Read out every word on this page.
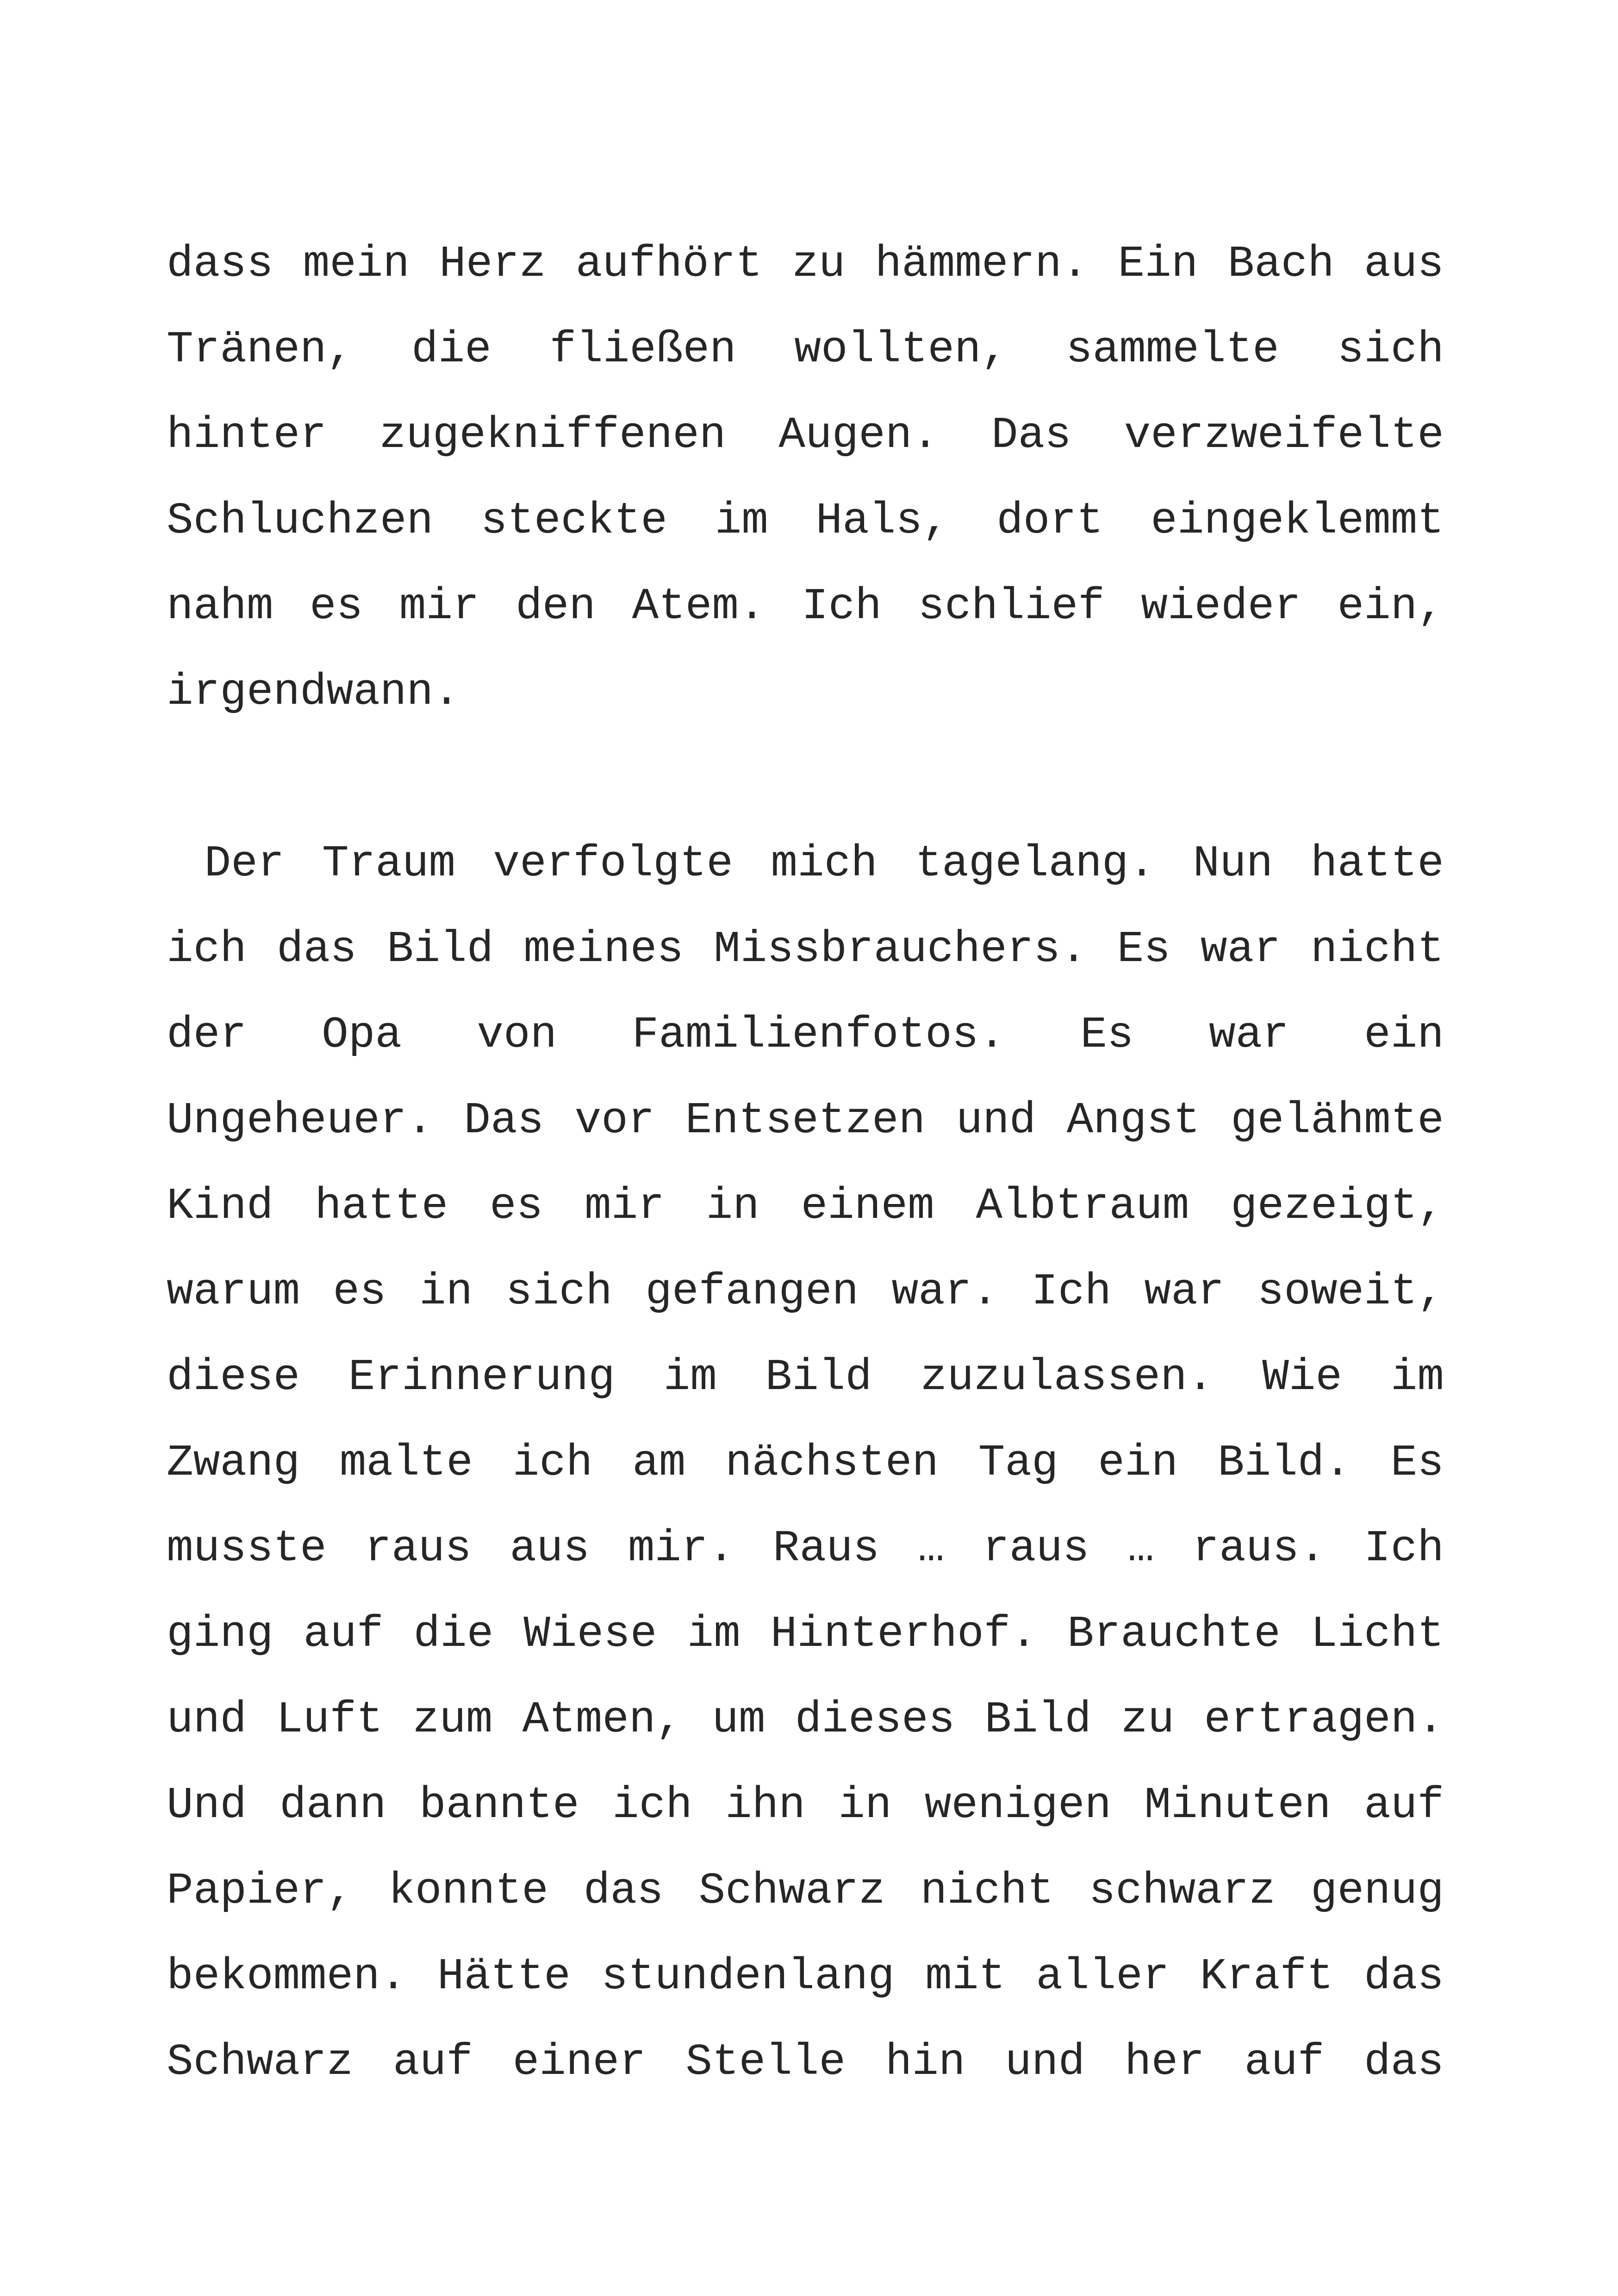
dass mein Herz aufhört zu hämmern. Ein Bach aus
Tränen, die fließen wollten, sammelte sich
hinter zugekniffenen Augen. Das verzweifelte
Schluchzen steckte im Hals, dort eingeklemmt
nahm es mir den Atem. Ich schlief wieder ein,
irgendwann.
Der Traum verfolgte mich tagelang. Nun hatte
ich das Bild meines Missbrauchers. Es war nicht
der Opa von Familienfotos. Es war ein
Ungeheuer. Das vor Entsetzen und Angst gelähmte
Kind hatte es mir in einem Albtraum gezeigt,
warum es in sich gefangen war. Ich war soweit,
diese Erinnerung im Bild zuzulassen. Wie im
Zwang malte ich am nächsten Tag ein Bild. Es
musste raus aus mir. Raus … raus … raus. Ich
ging auf die Wiese im Hinterhof. Brauchte Licht
und Luft zum Atmen, um dieses Bild zu ertragen.
Und dann bannte ich ihn in wenigen Minuten auf
Papier, konnte das Schwarz nicht schwarz genug
bekommen. Hätte stundenlang mit aller Kraft das
Schwarz auf einer Stelle hin und her auf das
